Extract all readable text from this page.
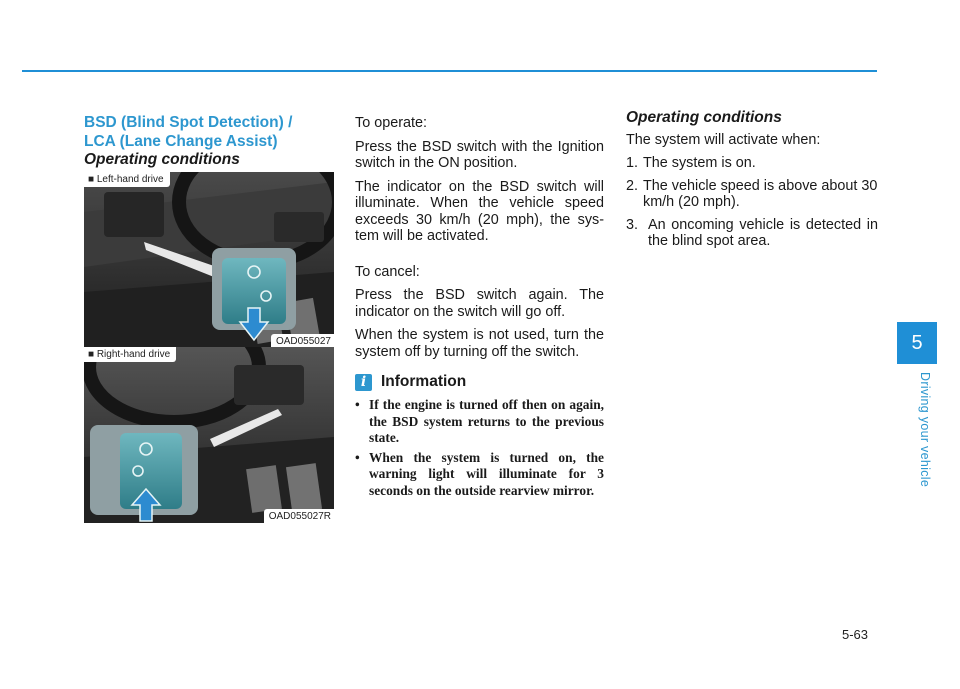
BSD (Blind Spot Detection) /
LCA (Lane Change Assist)
Operating conditions
■ Left-hand drive
OAD055027
■ Right-hand drive
OAD055027R

To operate:

Press the BSD switch with the Ignition switch in the ON position.

The indicator on the BSD switch will illuminate. When the vehicle speed exceeds 30 km/h (20 mph), the sys-tem will be activated.

To cancel:

Press the BSD switch again. The indicator on the switch will go off.

When the system is not used, turn the system off by turning off the switch.

i Information
• If the engine is turned off then on again, the BSD system returns to the previous state.
• When the system is turned on, the warning light will illuminate for 3 seconds on the outside rearview mirror.
Operating conditions

The system will activate when:

1. The system is on.
2. The vehicle speed is above about 30 km/h (20 mph).
3. An oncoming vehicle is detected in the blind spot area.
5
Driving your vehicle
5-63
